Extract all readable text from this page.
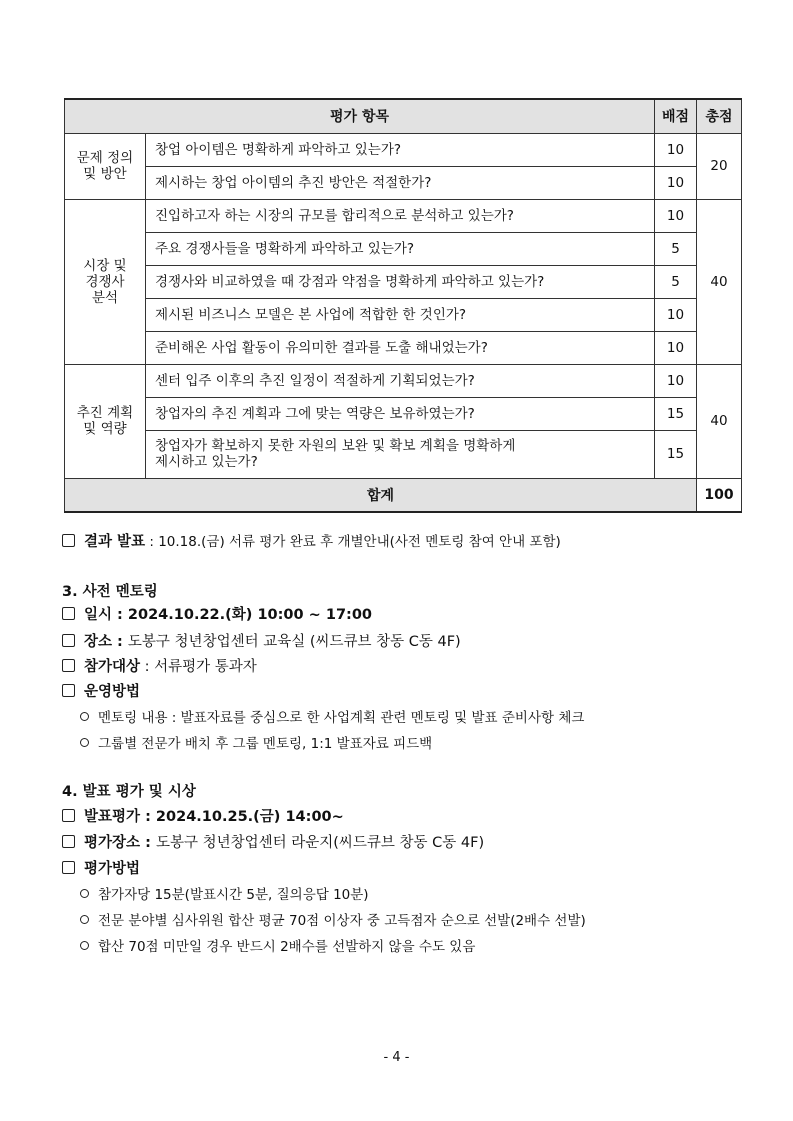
평가 항목		배점	총점

문제 정의
및 방안	창업 아이템은 명확하게 파악하고 있는가?	10	20

	제시하는 창업 아이템의 추진 방안은 적절한가?	10	

시장 및
경쟁사
분석	진입하고자 하는 시장의 규모를 합리적으로 분석하고 있는가?	10	40

	주요 경쟁사들을 명확하게 파악하고 있는가?	5	

	경쟁사와 비교하였을 때 강점과 약점을 명확하게 파악하고 있는가?	5	

	제시된 비즈니스 모델은 본 사업에 적합한 한 것인가?	10	

	준비해온 사업 활동이 유의미한 결과를 도출 해내었는가?	10	

추진 계획
및 역량	센터 입주 이후의 추진 일정이 적절하게 기획되었는가?	10	40

	창업자의 추진 계획과 그에 맞는 역량은 보유하였는가?	15	

	창업자가 확보하지 못한 자원의 보완 및 확보 계획을 명확하게
제시하고 있는가?	15	
합계			100
결과 발표 : 10.18.(금) 서류 평가 완료 후 개별안내(사전 멘토링 참여 안내 포함)
3. 사전 멘토링
일시 : 2024.10.22.(화) 10:00 ~ 17:00
장소 : 도봉구 청년창업센터 교육실 (씨드큐브 창동 C동 4F)
참가대상 : 서류평가 통과자
운영방법
멘토링 내용 : 발표자료를 중심으로 한 사업계획 관련 멘토링 및 발표 준비사항 체크
그룹별 전문가 배치 후 그룹 멘토링, 1:1 발표자료 피드백
4. 발표 평가 및 시상
발표평가 : 2024.10.25.(금) 14:00~
평가장소 : 도봉구 청년창업센터 라운지(씨드큐브 창동 C동 4F)
평가방법
참가자당 15분(발표시간 5분, 질의응답 10분)
전문 분야별 심사위원 합산 평균 70점 이상자 중 고득점자 순으로 선발(2배수 선발)
합산 70점 미만일 경우 반드시 2배수를 선발하지 않을 수도 있음
- 4 -
